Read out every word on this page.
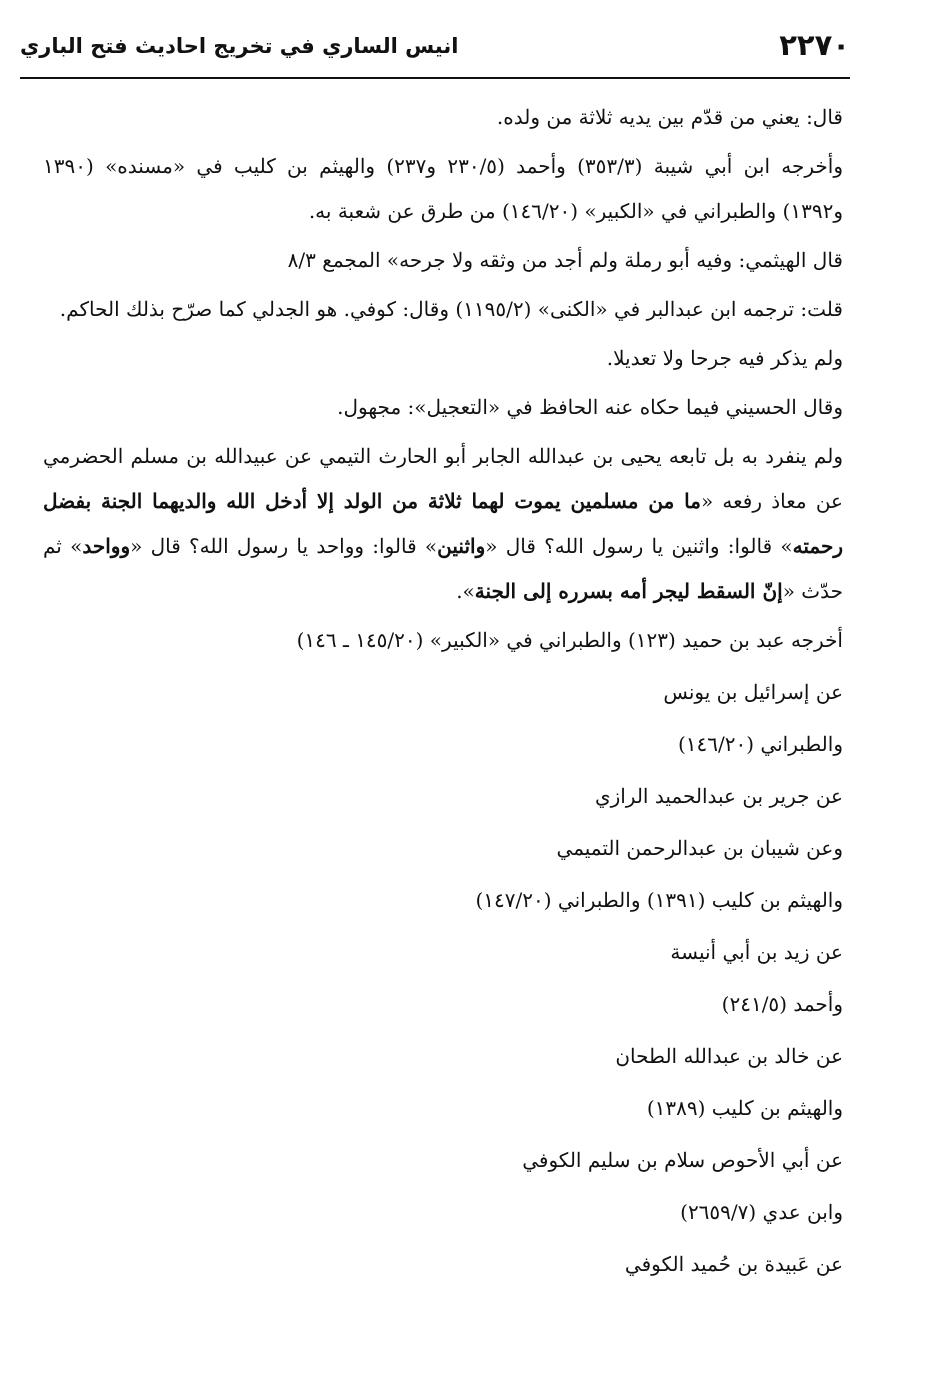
٢٢٧٠
انيس الساري في تخريج احاديث فتح الباري

قال: يعني من قدّم بين يديه ثلاثة من ولده.

وأخرجه ابن أبي شيبة (٣٥٣/٣) وأحمد (٢٣٠/٥ و٢٣٧) والهيثم بن كليب في «مسنده» (١٣٩٠ و١٣٩٢) والطبراني في «الكبير» (١٤٦/٢٠) من طرق عن شعبة به.

قال الهيثمي: وفيه أبو رملة ولم أجد من وثقه ولا جرحه» المجمع ٨/٣

قلت: ترجمه ابن عبدالبر في «الكنى» (١١٩٥/٢) وقال: كوفي. هو الجدلي كما صرّح بذلك الحاكم.

ولم يذكر فيه جرحا ولا تعديلا.

وقال الحسيني فيما حكاه عنه الحافظ في «التعجيل»: مجهول.

ولم ينفرد به بل تابعه يحيى بن عبدالله الجابر أبو الحارث التيمي عن عبيدالله بن مسلم الحضرمي عن معاذ رفعه «ما من مسلمين يموت لهما ثلاثة من الولد إلا أدخل الله والديهما الجنة بفضل رحمته» قالوا: واثنين يا رسول الله؟ قال «واثنين» قالوا: وواحد يا رسول الله؟ قال «وواحد» ثم حدّث «إنّ السقط ليجر أمه بسرره إلى الجنة».

أخرجه عبد بن حميد (١٢٣) والطبراني في «الكبير» (١٤٥/٢٠ ـ ١٤٦)

عن إسرائيل بن يونس

والطبراني (١٤٦/٢٠)

عن جرير بن عبدالحميد الرازي

وعن شيبان بن عبدالرحمن التميمي

والهيثم بن كليب (١٣٩١) والطبراني (١٤٧/٢٠)

عن زيد بن أبي أنيسة

وأحمد (٢٤١/٥)

عن خالد بن عبدالله الطحان

والهيثم بن كليب (١٣٨٩)

عن أبي الأحوص سلام بن سليم الكوفي

وابن عدي (٢٦٥٩/٧)

عن عَبيدة بن حُميد الكوفي
